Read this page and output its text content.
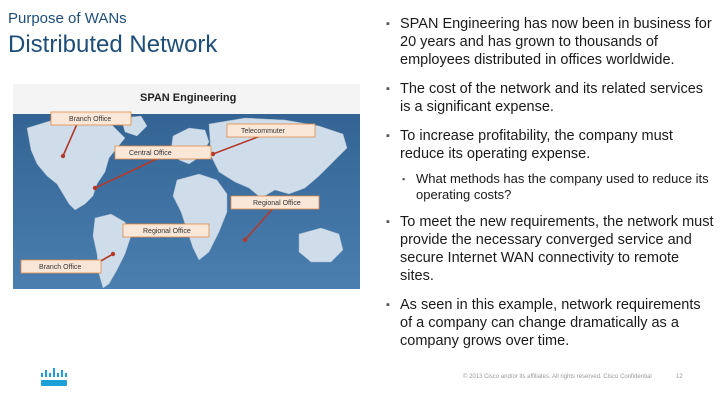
Purpose of WANs
Distributed Network
SPAN Engineering
Branch Office
Telecommuter
Central Office
Regional Office
Regional Office
Branch Office
▪ SPAN Engineering has now been in business for 20 years and has grown to thousands of employees distributed in offices worldwide.
▪ The cost of the network and its related services is a significant expense.
▪ To increase profitability, the company must reduce its operating expense.
▪ What methods has the company used to reduce its operating costs?
▪ To meet the new requirements, the network must provide the necessary converged service and secure Internet WAN connectivity to remote sites.
▪ As seen in this example, network requirements of a company can change dramatically as a company grows over time.
© 2013 Cisco and/or its affiliates. All rights reserved. Cisco Confidential	12
